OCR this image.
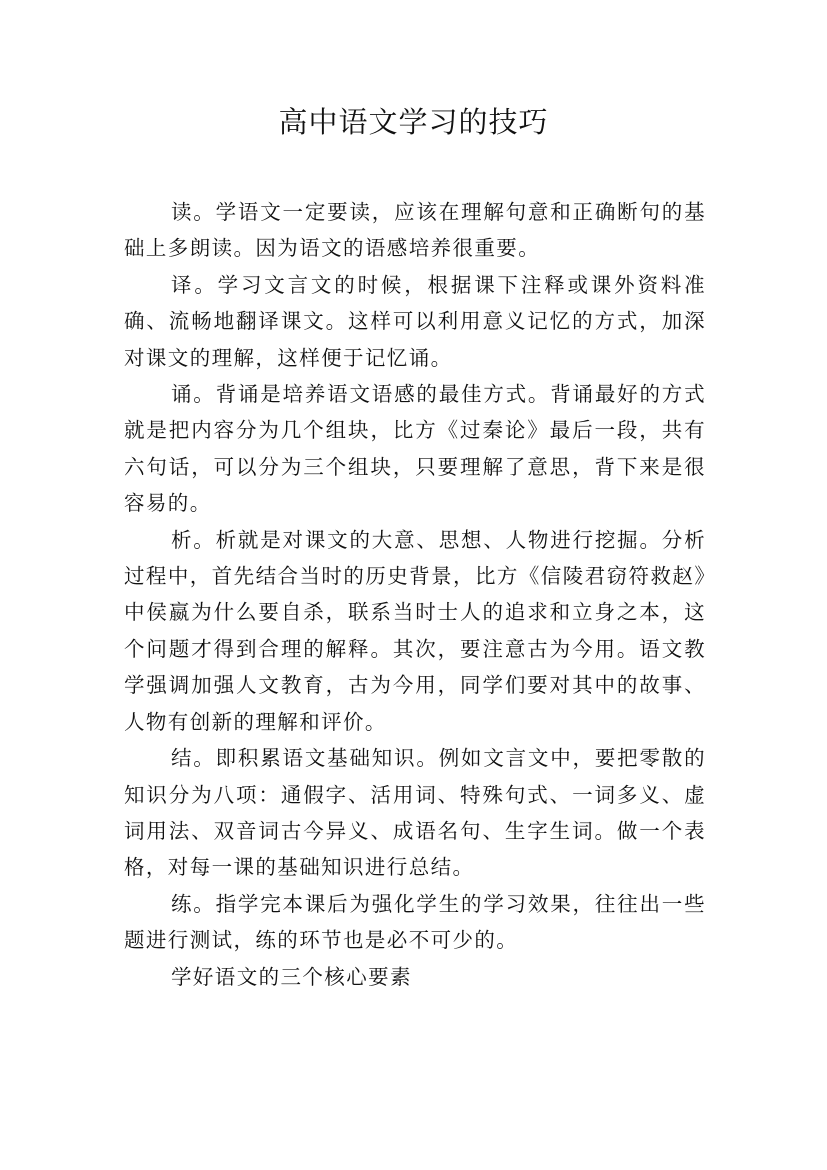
高中语文学习的技巧

读。学语文一定要读，应该在理解句意和正确断句的基础上多朗读。因为语文的语感培养很重要。

译。学习文言文的时候，根据课下注释或课外资料准确、流畅地翻译课文。这样可以利用意义记忆的方式，加深对课文的理解，这样便于记忆诵。

诵。背诵是培养语文语感的最佳方式。背诵最好的方式就是把内容分为几个组块，比方《过秦论》最后一段，共有六句话，可以分为三个组块，只要理解了意思，背下来是很容易的。

析。析就是对课文的大意、思想、人物进行挖掘。分析过程中，首先结合当时的历史背景，比方《信陵君窃符救赵》中侯嬴为什么要自杀，联系当时士人的追求和立身之本，这个问题才得到合理的解释。其次，要注意古为今用。语文教学强调加强人文教育，古为今用，同学们要对其中的故事、人物有创新的理解和评价。

结。即积累语文基础知识。例如文言文中，要把零散的知识分为八项：通假字、活用词、特殊句式、一词多义、虚词用法、双音词古今异义、成语名句、生字生词。做一个表格，对每一课的基础知识进行总结。

练。指学完本课后为强化学生的学习效果，往往出一些题进行测试，练的环节也是必不可少的。

学好语文的三个核心要素
